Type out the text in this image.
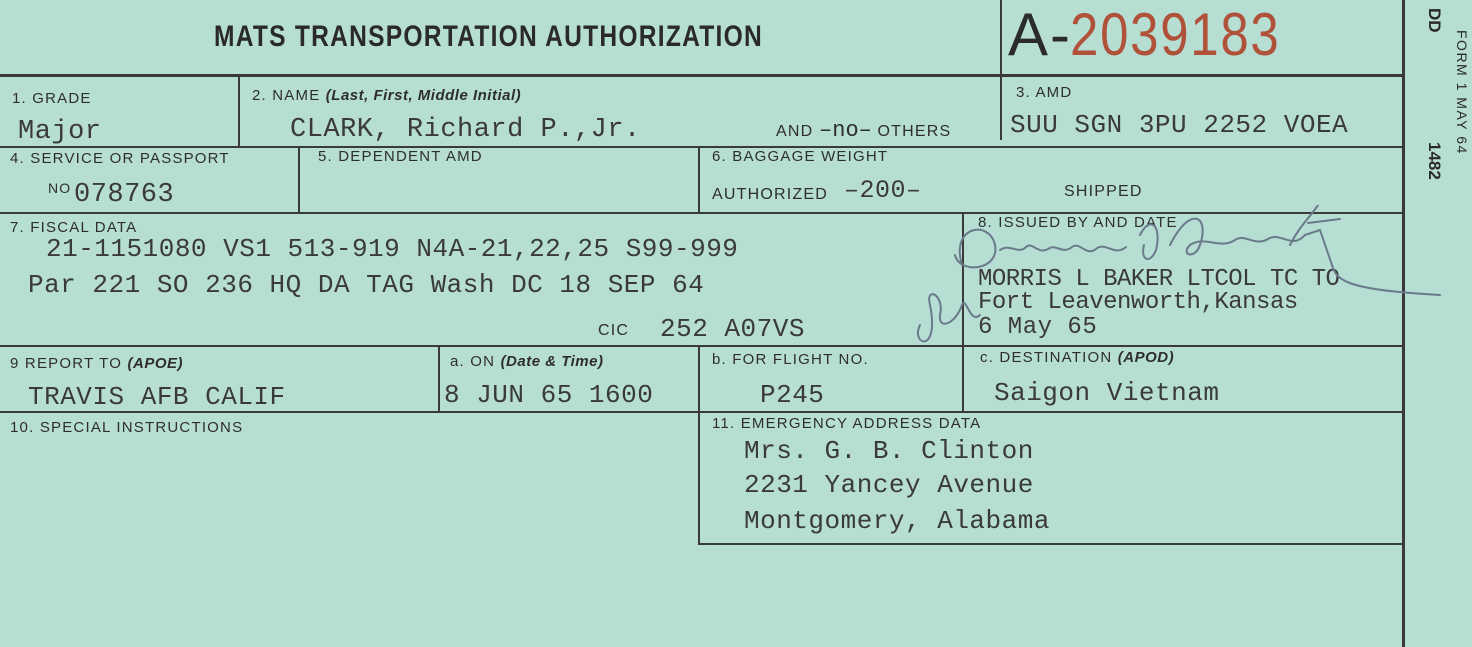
MATS TRANSPORTATION AUTHORIZATION	A-
2039183	DD
FORM 1 MAY 64
1482
1. GRADE
Major
2. NAME (Last, First, Middle Initial)
CLARK, Richard P.,Jr.	AND –no– OTHERS
3. AMD
SUU SGN 3PU 2252 VOEA
4. SERVICE OR PASSPORT
NO 078763
5. DEPENDENT AMD	6. BAGGAGE WEIGHT
AUTHORIZED –200–	SHIPPED
7. FISCAL DATA
21-1151080 VS1 513-919 N4A-21,22,25 S99-999
Par 221 SO 236 HQ DA TAG Wash DC 18 SEP 64
CIC 252 A07VS
8. ISSUED BY AND DATE
MORRIS L BAKER LTCOL TC TO
Fort Leavenworth,Kansas
6 May 65
9 REPORT TO (APOE)
TRAVIS AFB CALIF
a. ON (Date & Time)
8 JUN 65 1600
b. FOR FLIGHT NO.
P245
c. DESTINATION (APOD)
Saigon Vietnam
10. SPECIAL INSTRUCTIONS	11. EMERGENCY ADDRESS DATA
Mrs. G. B. Clinton
2231 Yancey Avenue
Montgomery, Alabama
